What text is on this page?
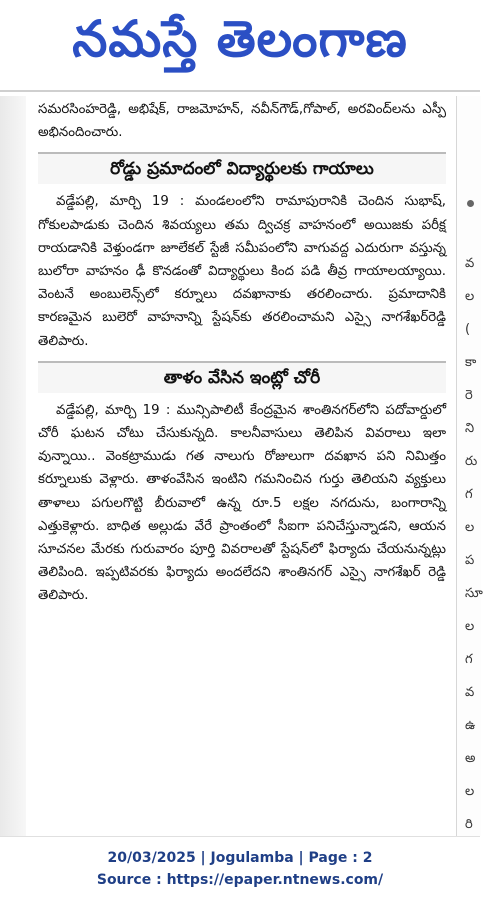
నమస్తే తెలంగాణ

సమరసింహరెడ్డి, అభిషేక్, రాజమోహన్, నవీన్‌గౌడ్,గోపాల్, అరవింద్‌లను ఎస్పీ అభినందించారు.

రోడ్డు ప్రమాదంలో విద్యార్థులకు గాయాలు

వడ్డేపల్లి, మార్చి 19 : మండలంలోని రామాపురానికి చెందిన సుభాష్, గోకులపాడుకు చెందిన శివయ్యలు తమ ద్విచక్ర వాహనంలో అయిజకు పరీక్ష రాయడానికి వెళ్తుండగా జూలేకల్ స్టేజీ సమీపంలోని వాగువద్ద ఎదురుగా వస్తున్న బులోరా వాహనం ఢీ కొనడంతో విద్యార్థులు కింద పడి తీవ్ర గాయాలయ్యాయి. వెంటనే అంబులెన్స్‌లో కర్నూలు దవఖానాకు తరలించారు. ప్రమాదానికి కారణమైన బులెరో వాహనాన్ని స్టేషన్‌కు తరలించామని ఎస్సై నాగశేఖర్‌రెడ్డి తెలిపారు.

తాళం వేసిన ఇంట్లో చోరీ

వడ్డేపల్లి, మార్చి 19 : మున్సిపాలిటీ కేంద్రమైన శాంతినగర్‌లోని పదోవార్డులో చోరీ ఘటన చోటు చేసుకున్నది. కాలనీవాసులు తెలిపిన వివరాలు ఇలా వున్నాయి.. వెంకట్రాముడు గత నాలుగు రోజులుగా దవఖాన పని నిమిత్తం కర్నూలుకు వెళ్లారు. తాళంవేసిన ఇంటిని గమనించిన గుర్తు తెలియని వ్యక్తులు తాళాలు పగులగొట్టి బీరువాలో ఉన్న రూ.5 లక్షల నగదును, బంగారాన్ని ఎత్తుకెళ్లారు. బాధిత అల్లుడు వేరే ప్రాంతంలో సీఐగా పనిచేస్తున్నాడని, ఆయన సూచనల మేరకు గురువారం పూర్తి వివరాలతో స్టేషన్‌లో ఫిర్యాదు చేయనున్నట్లు తెలిపింది. ఇప్పటివరకు ఫిర్యాదు అందలేదని శాంతినగర్ ఎస్సై నాగశేఖర్ రెడ్డి తెలిపారు.

వ
ల
(
కా
రె
ని
రు
గ
ల
ప
సూ
ల
గ
వ
ఉ
అ
ల
రి
20/03/2025 | Jogulamba | Page : 2
Source : https://epaper.ntnews.com/
